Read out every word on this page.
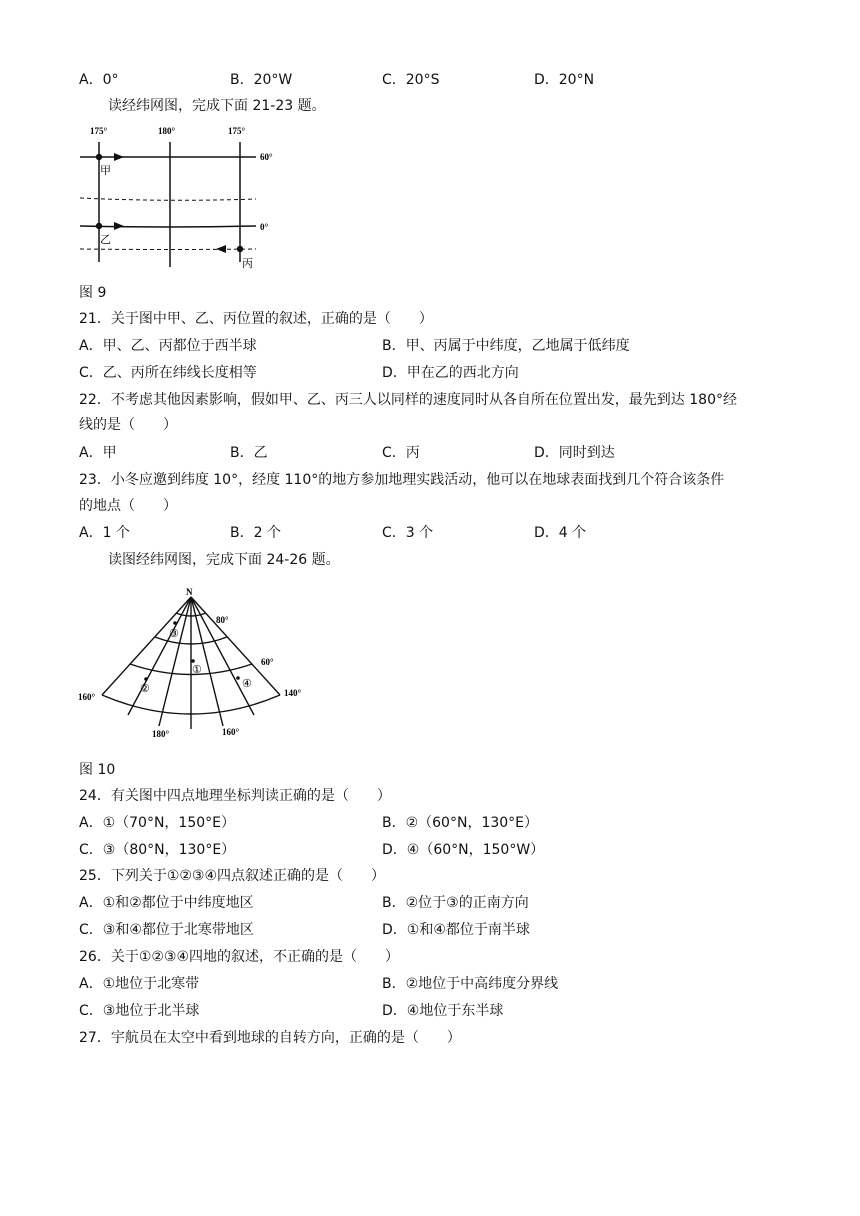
A．0°	B．20°W	C．20°S	D．20°N
读经纬网图，完成下面 21-23 题。
175°	180°	175°
60°
0°
甲
乙
丙
图 9
21．关于图中甲、乙、丙位置的叙述，正确的是（　　）
A．甲、乙、丙都位于西半球	B．甲、丙属于中纬度，乙地属于低纬度
C．乙、丙所在纬线长度相等	D．甲在乙的西北方向
22．不考虑其他因素影响，假如甲、乙、丙三人以同样的速度同时从各自所在位置出发，最先到达 180°经
线的是（　　）
A．甲	B．乙	C．丙	D．同时到达
23．小冬应邀到纬度 10°，经度 110°的地方参加地理实践活动，他可以在地球表面找到几个符合该条件
的地点（　　）
A．1 个	B．2 个	C．3 个	D．4 个
读图经纬网图，完成下面 24-26 题。
N
80°
60°
160°	140°
180°	160°
①
②
③
④
图 10
24．有关图中四点地理坐标判读正确的是（　　）
A．①（70°N，150°E）	B．②（60°N，130°E）
C．③（80°N，130°E）	D．④（60°N，150°W）
25．下列关于①②③④四点叙述正确的是（　　）
A．①和②都位于中纬度地区	B．②位于③的正南方向
C．③和④都位于北寒带地区	D．①和④都位于南半球
26．关于①②③④四地的叙述，不正确的是（　　）
A．①地位于北寒带	B．②地位于中高纬度分界线
C．③地位于北半球	D．④地位于东半球
27．宇航员在太空中看到地球的自转方向，正确的是（　　）
